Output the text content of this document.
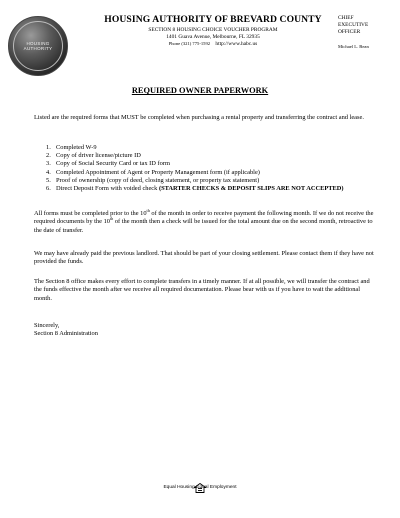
HOUSING
AUTHORITY
HOUSING AUTHORITY OF BREVARD COUNTY
SECTION 8 HOUSING CHOICE VOUCHER PROGRAM
1401 Guava Avenue, Melbourne, FL 32935
Phone (321) 775-1592 http://www.habc.us
CHIEF
EXECUTIVE
OFFICER
Michael L. Bean
REQUIRED OWNER PAPERWORK
Listed are the required forms that MUST be completed when purchasing a rental property and transferring the contract and lease.
1. Completed W-9
2. Copy of driver license/picture ID
3. Copy of Social Security Card or tax ID form
4. Completed Appointment of Agent or Property Management form (if applicable)
5. Proof of ownership (copy of deed, closing statement, or property tax statement)
6. Direct Deposit Form with voided check (STARTER CHECKS & DEPOSIT SLIPS ARE NOT ACCEPTED)
All forms must be completed prior to the 10th of the month in order to receive payment the following month. If we do not receive the required documents by the 10th of the month then a check will be issued for the total amount due on the second month, retroactive to the date of transfer.
We may have already paid the previous landlord. That should be part of your closing settlement. Please contact them if they have not provided the funds.
The Section 8 office makes every effort to complete transfers in a timely manner. If at all possible, we will transfer the contract and the funds effective the month after we receive all required documentation. Please bear with us if you have to wait the additional month.
Sincerely,
Section 8 Administration
Equal Housing-Equal Employment
